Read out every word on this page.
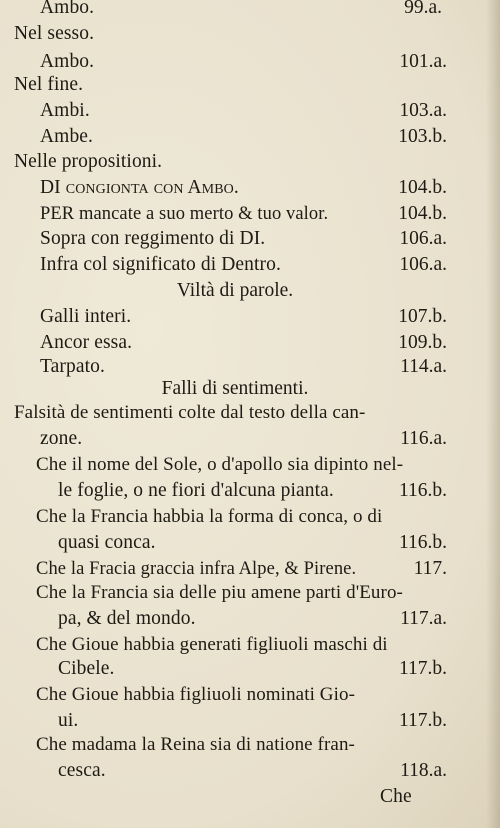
Ambo.	99.a.
Nel sesso.
Ambo.	101.a.
Nel fine.
Ambi.	103.a.
Ambe.	103.b.
Nelle propositioni.
DI congionta con Ambo.	104.b.
PER mancate a suo merto & tuo valor.	104.b.
Sopra con reggimento di DI.	106.a.
Infra col significato di Dentro.	106.a.
Viltà di parole.
Galli interi.	107.b.
Ancor essa.	109.b.
Tarpato.	114.a.
Falli di sentimenti.
Falsità de sentimenti colte dal testo della can-
zone.	116.a.
Che il nome del Sole, o d'apollo sia dipinto nel-
le foglie, o ne fiori d'alcuna pianta.	116.b.
Che la Francia habbia la forma di conca, o di
quasi conca.	116.b.
Che la Fracia graccia infra Alpe, & Pirene.	117.
Che la Francia sia delle piu amene parti d'Euro-
pa, & del mondo.	117.a.
Che Gioue habbia generati figliuoli maschi di
Cibele.	117.b.
Che Gioue habbia figliuoli nominati Gio-
ui.	117.b.
Che madama la Reina sia di natione fran-
cesca.	118.a.
Che
